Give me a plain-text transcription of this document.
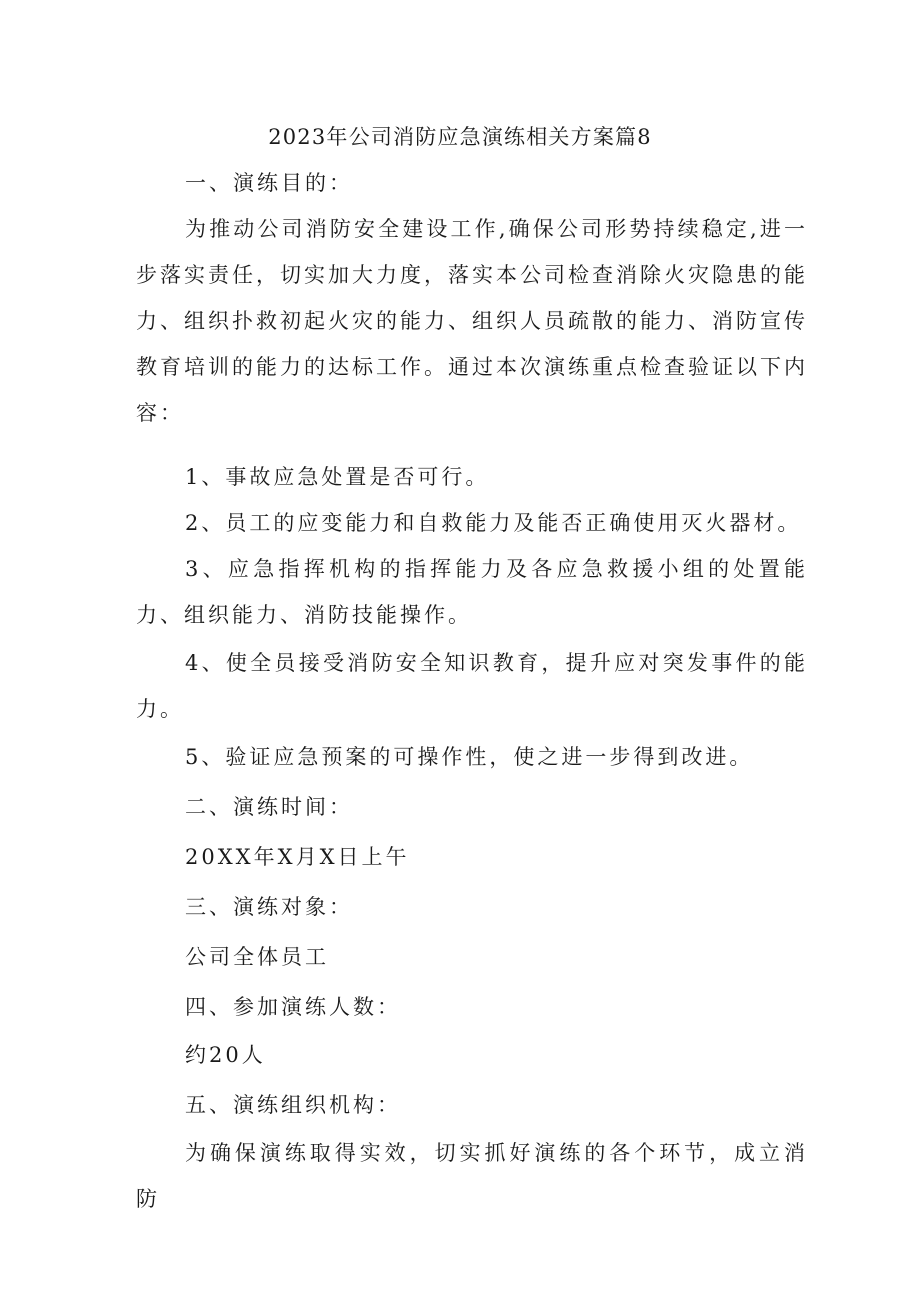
2023年公司消防应急演练相关方案篇8
一、演练目的：
为推动公司消防安全建设工作,确保公司形势持续稳定,进一步落实责任，切实加大力度，落实本公司检查消除火灾隐患的能力、组织扑救初起火灾的能力、组织人员疏散的能力、消防宣传教育培训的能力的达标工作。通过本次演练重点检查验证以下内容：
1、事故应急处置是否可行。
2、员工的应变能力和自救能力及能否正确使用灭火器材。
3、应急指挥机构的指挥能力及各应急救援小组的处置能力、组织能力、消防技能操作。
4、使全员接受消防安全知识教育，提升应对突发事件的能力。
5、验证应急预案的可操作性，使之进一步得到改进。
二、演练时间：
20XX年X月X日上午
三、演练对象：
公司全体员工
四、参加演练人数：
约20人
五、演练组织机构：
为确保演练取得实效，切实抓好演练的各个环节，成立消防
